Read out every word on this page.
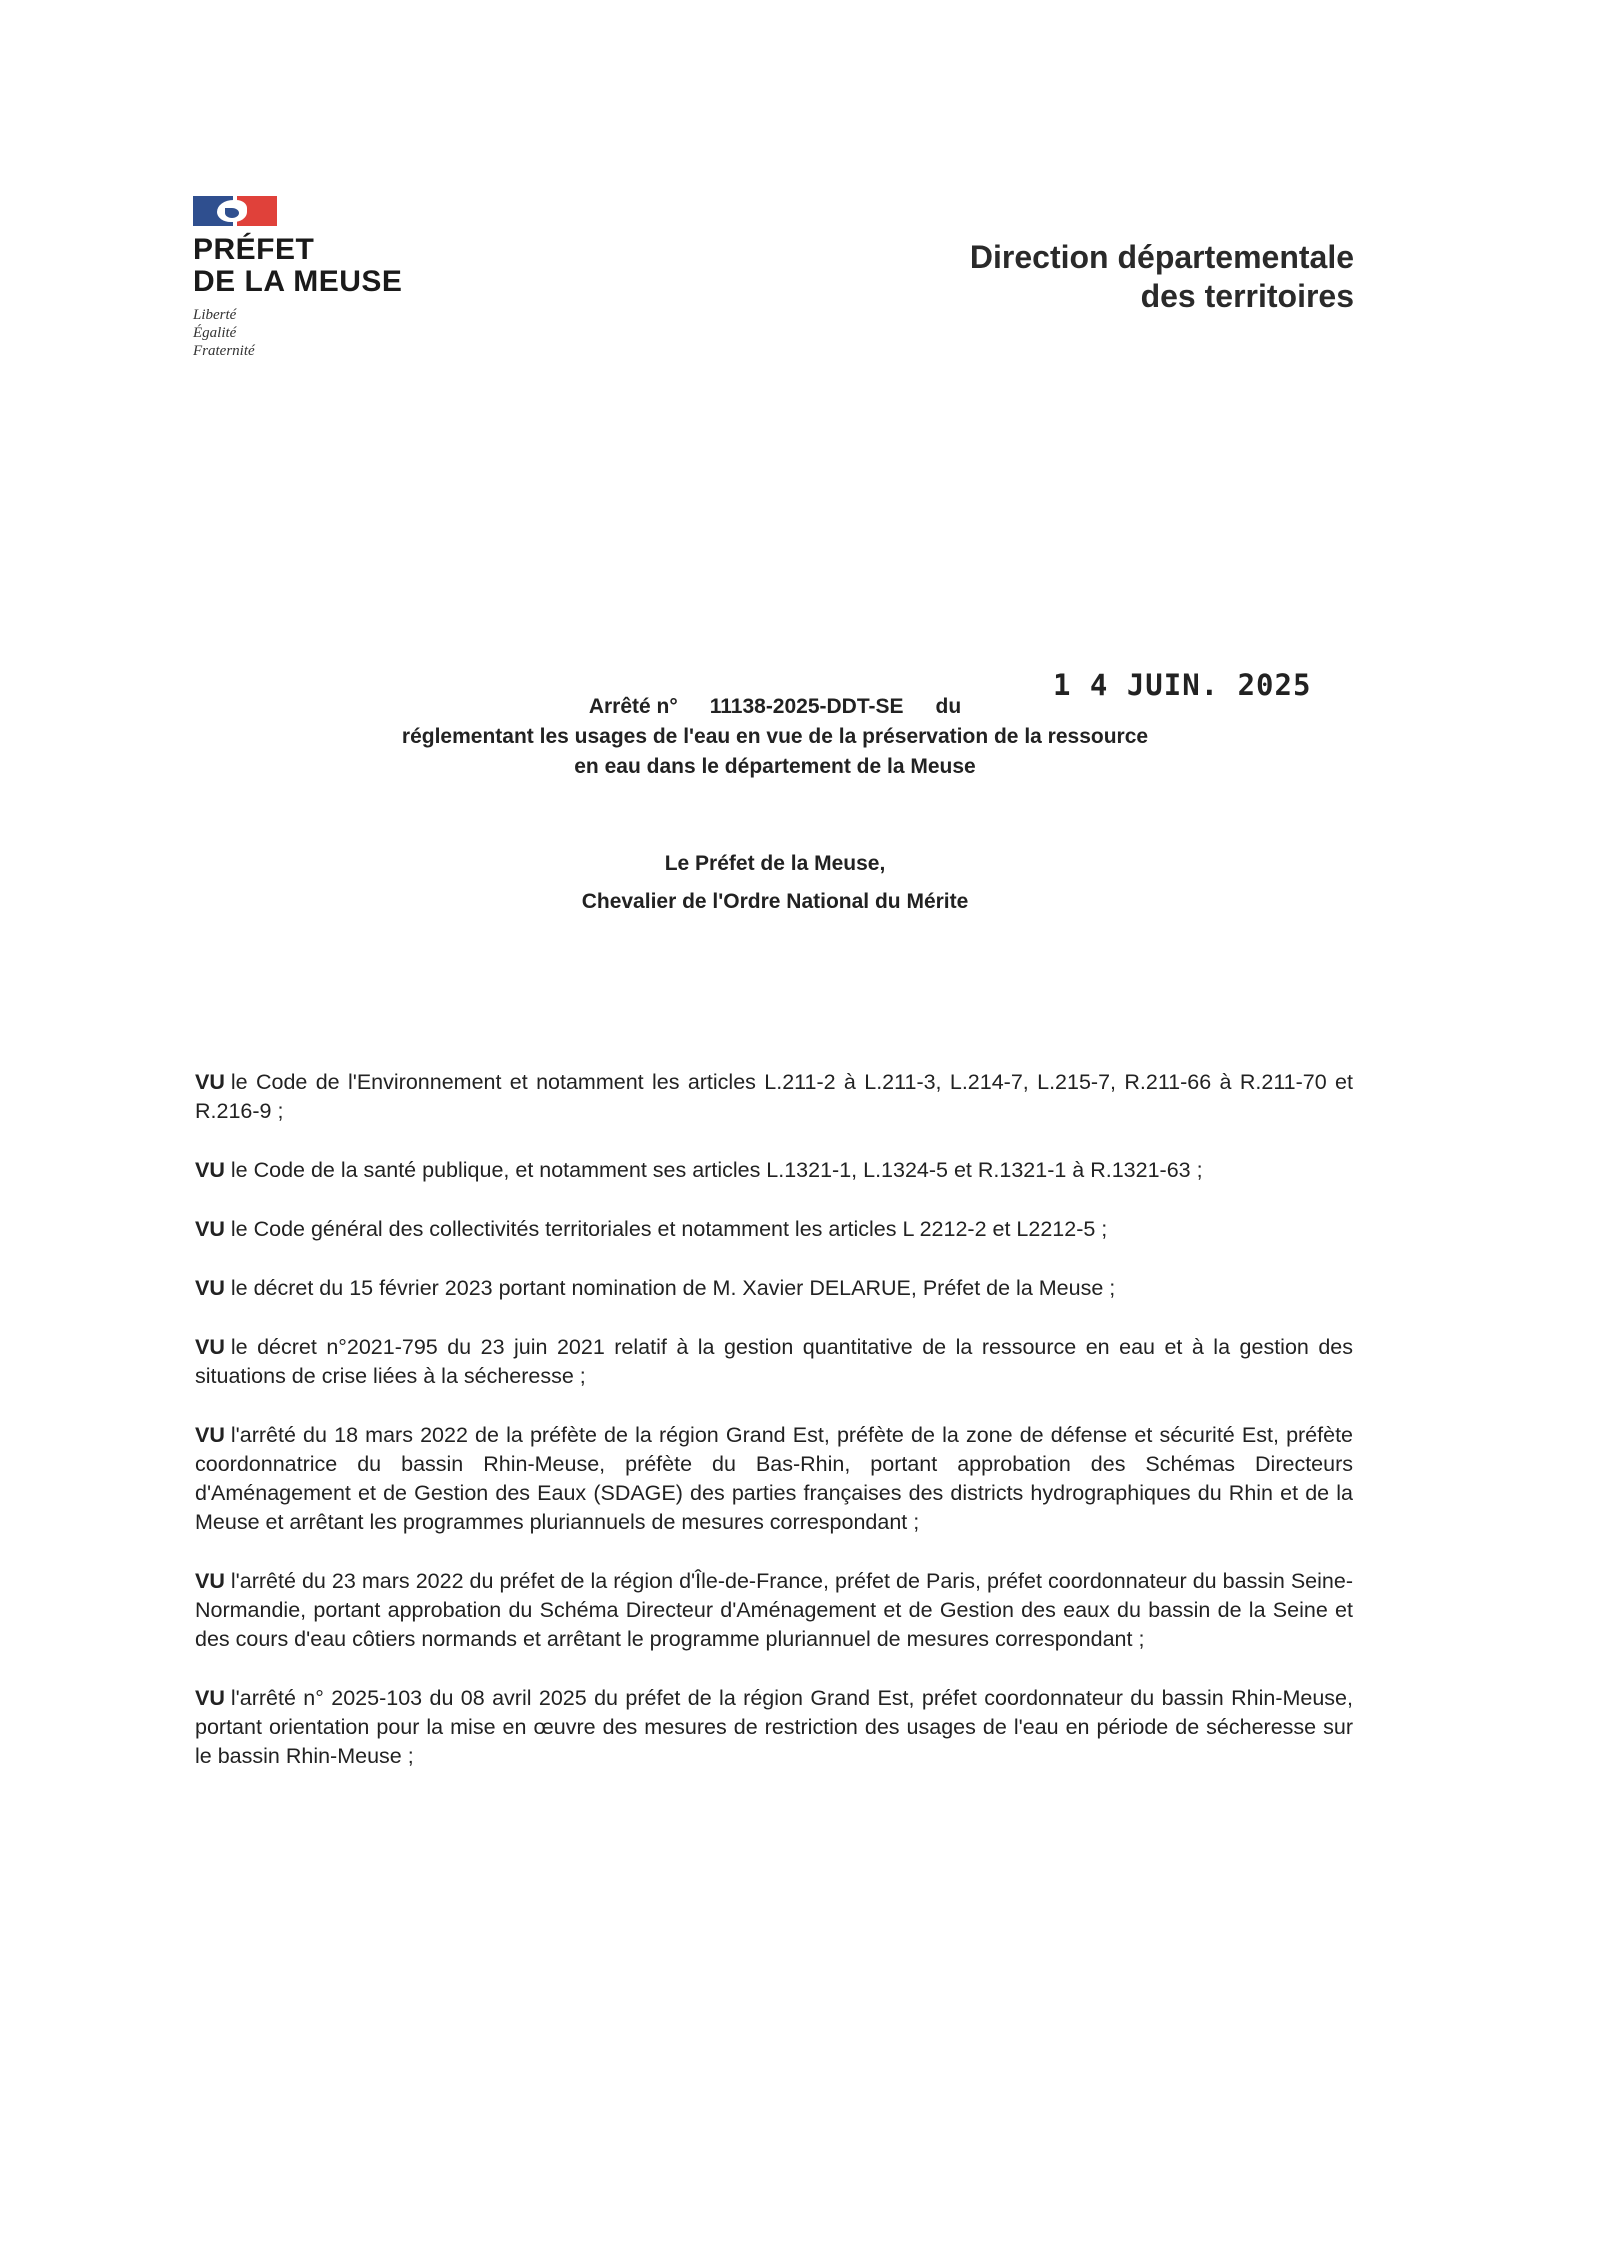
PRÉFET
DE LA MEUSE
Liberté
Égalité
Fraternité
Direction départementale
des territoires
1 4 JUIN. 2025
Arrêté n° 11138-2025-DDT-SE du
réglementant les usages de l'eau en vue de la préservation de la ressource
en eau dans le département de la Meuse
Le Préfet de la Meuse,
Chevalier de l'Ordre National du Mérite

VU le Code de l'Environnement et notamment les articles L.211-2 à L.211-3, L.214-7, L.215-7, R.211-66 à R.211-70 et R.216-9 ;

VU le Code de la santé publique, et notamment ses articles L.1321-1, L.1324-5 et R.1321-1 à R.1321-63 ;

VU le Code général des collectivités territoriales et notamment les articles L 2212-2 et L2212-5 ;

VU le décret du 15 février 2023 portant nomination de M. Xavier DELARUE, Préfet de la Meuse ;

VU le décret n°2021-795 du 23 juin 2021 relatif à la gestion quantitative de la ressource en eau et à la gestion des situations de crise liées à la sécheresse ;

VU l'arrêté du 18 mars 2022 de la préfète de la région Grand Est, préfète de la zone de défense et sécurité Est, préfète coordonnatrice du bassin Rhin-Meuse, préfète du Bas-Rhin, portant approbation des Schémas Directeurs d'Aménagement et de Gestion des Eaux (SDAGE) des parties françaises des districts hydrographiques du Rhin et de la Meuse et arrêtant les programmes pluriannuels de mesures correspondant ;

VU l'arrêté du 23 mars 2022 du préfet de la région d'Île-de-France, préfet de Paris, préfet coordonnateur du bassin Seine-Normandie, portant approbation du Schéma Directeur d'Aménagement et de Gestion des eaux du bassin de la Seine et des cours d'eau côtiers normands et arrêtant le programme pluriannuel de mesures correspondant ;

VU l'arrêté n° 2025-103 du 08 avril 2025 du préfet de la région Grand Est, préfet coordonnateur du bassin Rhin-Meuse, portant orientation pour la mise en œuvre des mesures de restriction des usages de l'eau en période de sécheresse sur le bassin Rhin-Meuse ;
